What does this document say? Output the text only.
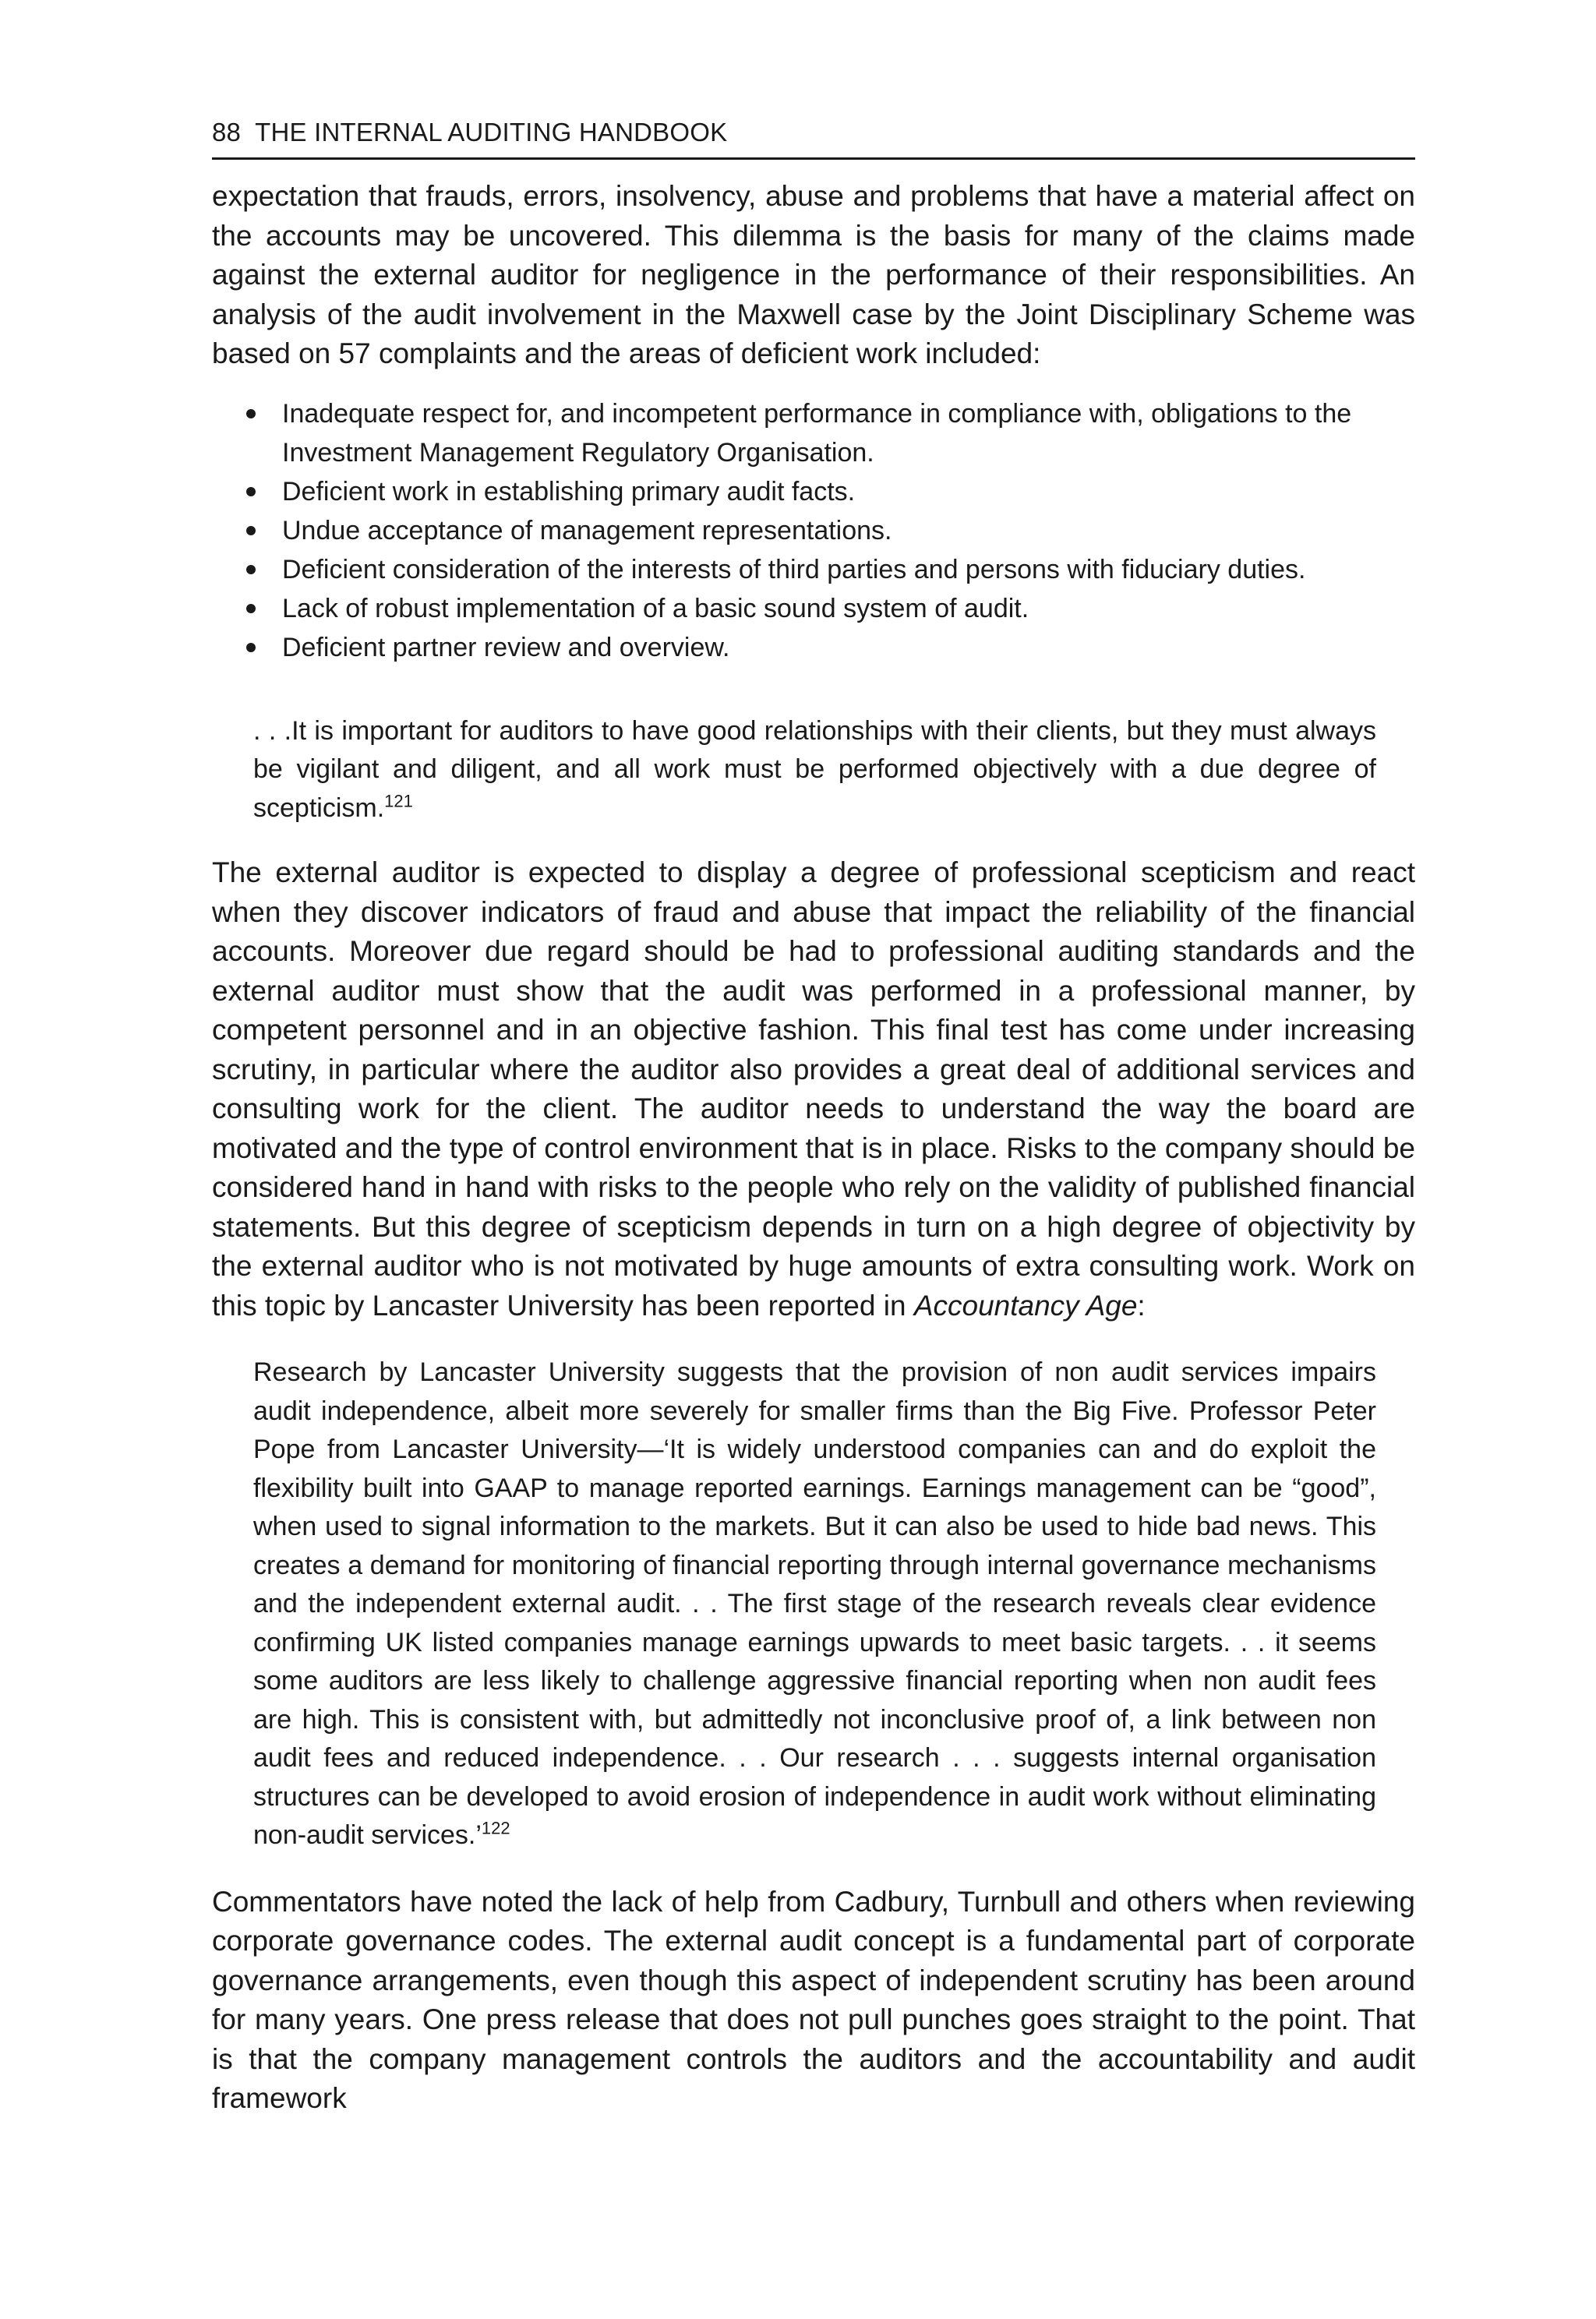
88 THE INTERNAL AUDITING HANDBOOK

expectation that frauds, errors, insolvency, abuse and problems that have a material affect on the accounts may be uncovered. This dilemma is the basis for many of the claims made against the external auditor for negligence in the performance of their responsibilities. An analysis of the audit involvement in the Maxwell case by the Joint Disciplinary Scheme was based on 57 complaints and the areas of deficient work included:

Inadequate respect for, and incompetent performance in compliance with, obligations to the Investment Management Regulatory Organisation.
Deficient work in establishing primary audit facts.
Undue acceptance of management representations.
Deficient consideration of the interests of third parties and persons with fiduciary duties.
Lack of robust implementation of a basic sound system of audit.
Deficient partner review and overview.

. . .It is important for auditors to have good relationships with their clients, but they must always be vigilant and diligent, and all work must be performed objectively with a due degree of scepticism.$^{121}$

The external auditor is expected to display a degree of professional scepticism and react when they discover indicators of fraud and abuse that impact the reliability of the financial accounts. Moreover due regard should be had to professional auditing standards and the external auditor must show that the audit was performed in a professional manner, by competent personnel and in an objective fashion. This final test has come under increasing scrutiny, in particular where the auditor also provides a great deal of additional services and consulting work for the client. The auditor needs to understand the way the board are motivated and the type of control environment that is in place. Risks to the company should be considered hand in hand with risks to the people who rely on the validity of published financial statements. But this degree of scepticism depends in turn on a high degree of objectivity by the external auditor who is not motivated by huge amounts of extra consulting work. Work on this topic by Lancaster University has been reported in Accountancy Age:

Research by Lancaster University suggests that the provision of non audit services impairs audit independence, albeit more severely for smaller firms than the Big Five. Professor Peter Pope from Lancaster University—‘It is widely understood companies can and do exploit the flexibility built into GAAP to manage reported earnings. Earnings management can be “good”, when used to signal information to the markets. But it can also be used to hide bad news. This creates a demand for monitoring of financial reporting through internal governance mechanisms and the independent external audit. . . The first stage of the research reveals clear evidence confirming UK listed companies manage earnings upwards to meet basic targets. . . it seems some auditors are less likely to challenge aggressive financial reporting when non audit fees are high. This is consistent with, but admittedly not inconclusive proof of, a link between non audit fees and reduced independence. . . Our research . . . suggests internal organisation structures can be developed to avoid erosion of independence in audit work without eliminating non-audit services.’$^{122}$

Commentators have noted the lack of help from Cadbury, Turnbull and others when reviewing corporate governance codes. The external audit concept is a fundamental part of corporate governance arrangements, even though this aspect of independent scrutiny has been around for many years. One press release that does not pull punches goes straight to the point. That is that the company management controls the auditors and the accountability and audit framework
